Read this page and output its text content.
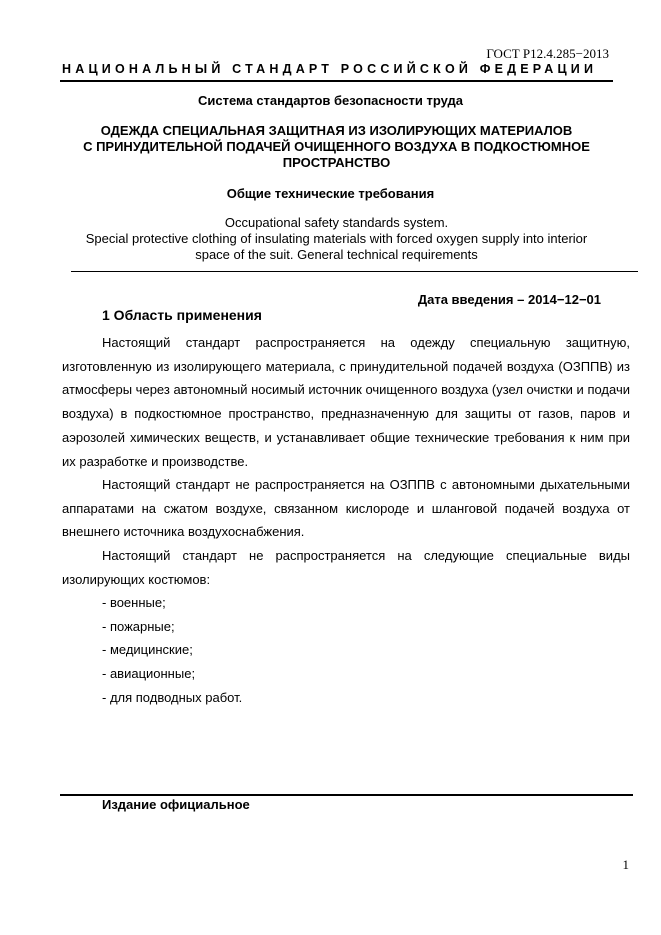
ГОСТ Р12.4.285−2013
НАЦИОНАЛЬНЫЙ СТАНДАРТ РОССИЙСКОЙ ФЕДЕРАЦИИ
Система стандартов безопасности труда
ОДЕЖДА СПЕЦИАЛЬНАЯ ЗАЩИТНАЯ ИЗ ИЗОЛИРУЮЩИХ МАТЕРИАЛОВ
С ПРИНУДИТЕЛЬНОЙ ПОДАЧЕЙ ОЧИЩЕННОГО ВОЗДУХА В ПОДКОСТЮМНОЕ
ПРОСТРАНСТВО
Общие технические требования
Occupational safety standards system.
Special protective clothing of insulating materials with forced oxygen supply into interior
space of the suit. General technical requirements
Дата введения – 2014−12−01
1 Область применения

Настоящий стандарт распространяется на одежду специальную защитную, изготовленную из изолирующего материала, с принудительной подачей воздуха (ОЗППВ) из атмосферы через автономный носимый источник очищенного воздуха (узел очистки и подачи воздуха) в подкостюмное пространство, предназначенную для защиты от газов, паров и аэрозолей химических веществ, и устанавливает общие технические требования к ним при их разработке и производстве.

Настоящий стандарт не распространяется на ОЗППВ с автономными дыхательными аппаратами на сжатом воздухе, связанном кислороде и шланговой подачей воздуха от внешнего источника воздухоснабжения.

Настоящий стандарт не распространяется на следующие специальные виды изолирующих костюмов:

- военные;
- пожарные;
- медицинские;
- авиационные;
- для подводных работ.
Издание официальное
1
